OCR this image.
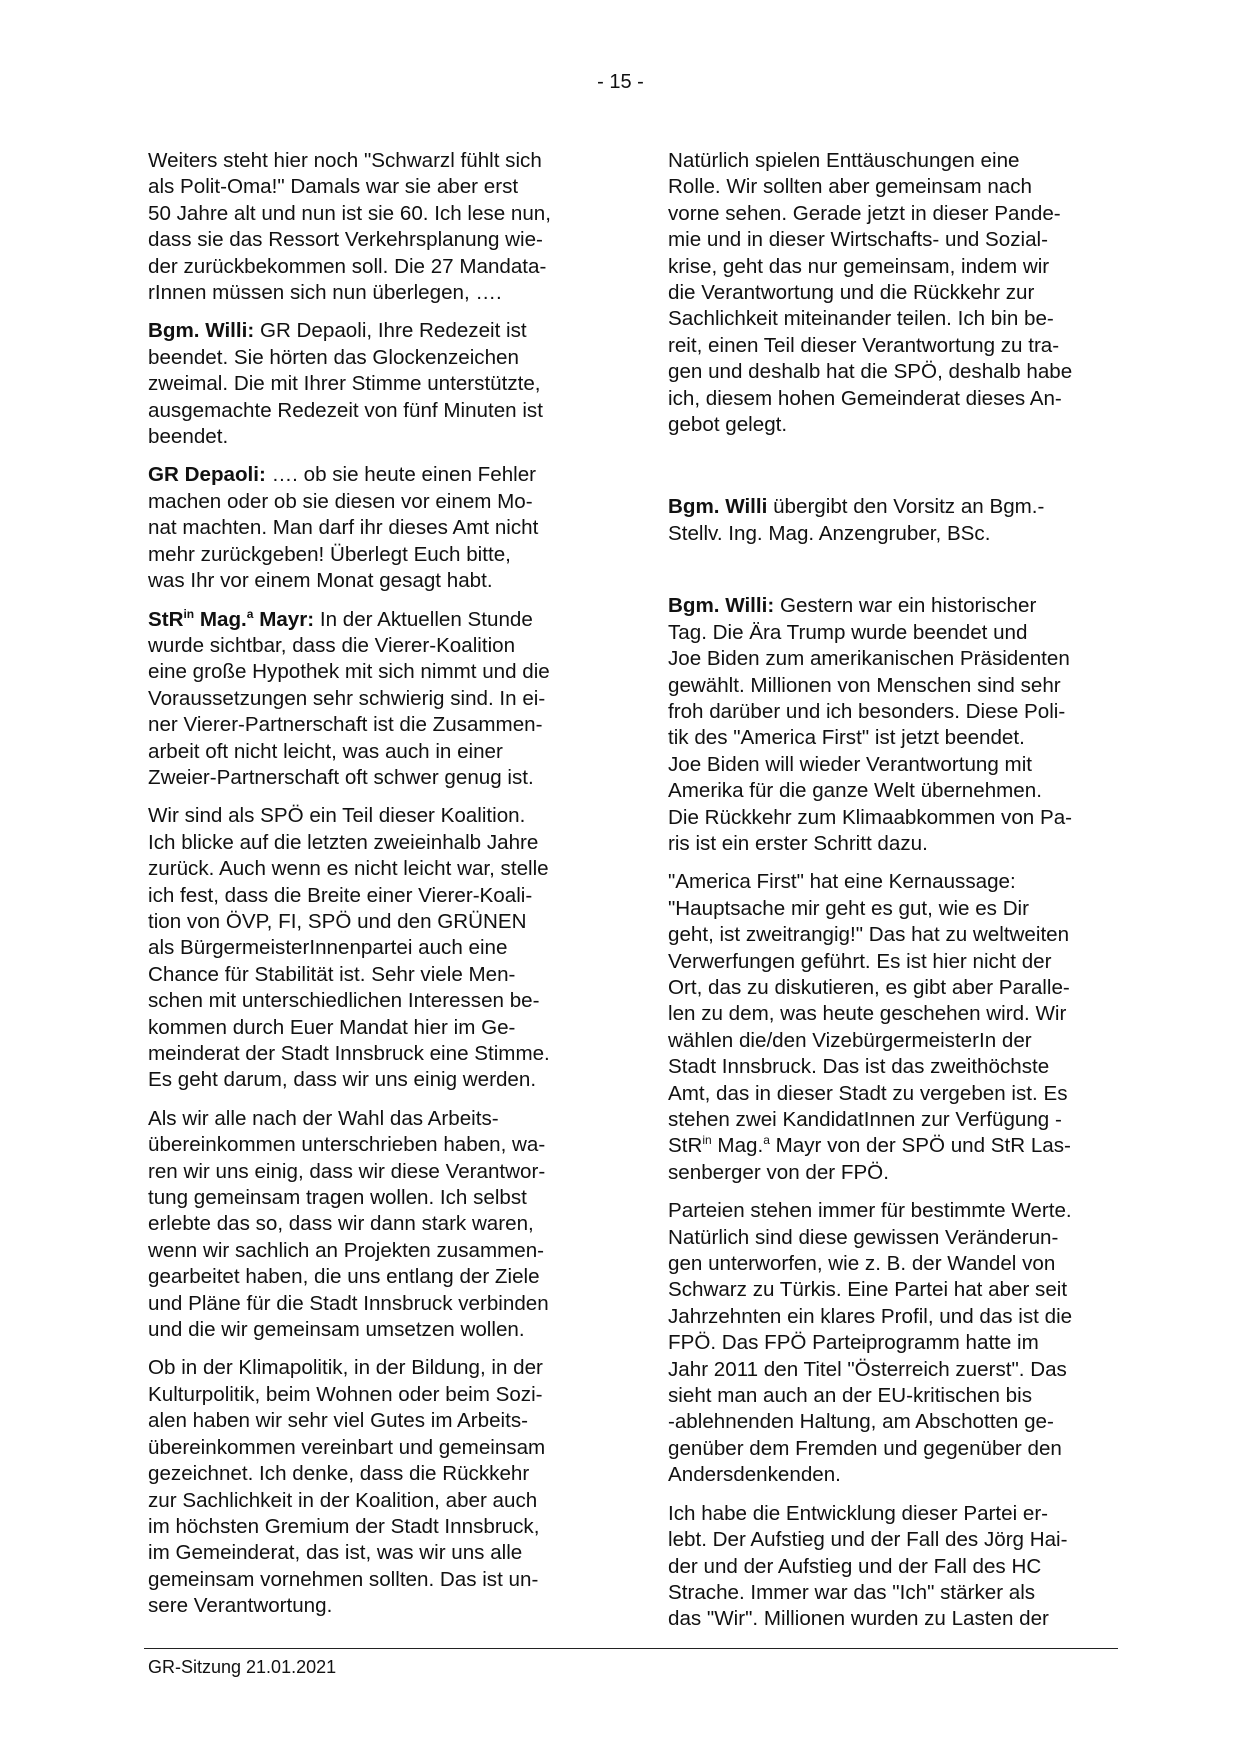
- 15 -

Weiters steht hier noch "Schwarzl fühlt sich
als Polit-Oma!" Damals war sie aber erst
50 Jahre alt und nun ist sie 60. Ich lese nun,
dass sie das Ressort Verkehrsplanung wie-
der zurückbekommen soll. Die 27 Mandata-
rInnen müssen sich nun überlegen, ….

Bgm. Willi: GR Depaoli, Ihre Redezeit ist
beendet. Sie hörten das Glockenzeichen
zweimal. Die mit Ihrer Stimme unterstützte,
ausgemachte Redezeit von fünf Minuten ist
beendet.

GR Depaoli: …. ob sie heute einen Fehler
machen oder ob sie diesen vor einem Mo-
nat machten. Man darf ihr dieses Amt nicht
mehr zurückgeben! Überlegt Euch bitte,
was Ihr vor einem Monat gesagt habt.

StR$^{in}$ Mag.$^a$ Mayr: In der Aktuellen Stunde
wurde sichtbar, dass die Vierer-Koalition
eine große Hypothek mit sich nimmt und die
Voraussetzungen sehr schwierig sind. In ei-
ner Vierer-Partnerschaft ist die Zusammen-
arbeit oft nicht leicht, was auch in einer
Zweier-Partnerschaft oft schwer genug ist.

Wir sind als SPÖ ein Teil dieser Koalition.
Ich blicke auf die letzten zweieinhalb Jahre
zurück. Auch wenn es nicht leicht war, stelle
ich fest, dass die Breite einer Vierer-Koali-
tion von ÖVP, FI, SPÖ und den GRÜNEN
als BürgermeisterInnenpartei auch eine
Chance für Stabilität ist. Sehr viele Men-
schen mit unterschiedlichen Interessen be-
kommen durch Euer Mandat hier im Ge-
meinderat der Stadt Innsbruck eine Stimme.
Es geht darum, dass wir uns einig werden.

Als wir alle nach der Wahl das Arbeits-
übereinkommen unterschrieben haben, wa-
ren wir uns einig, dass wir diese Verantwor-
tung gemeinsam tragen wollen. Ich selbst
erlebte das so, dass wir dann stark waren,
wenn wir sachlich an Projekten zusammen-
gearbeitet haben, die uns entlang der Ziele
und Pläne für die Stadt Innsbruck verbinden
und die wir gemeinsam umsetzen wollen.

Ob in der Klimapolitik, in der Bildung, in der
Kulturpolitik, beim Wohnen oder beim Sozi-
alen haben wir sehr viel Gutes im Arbeits-
übereinkommen vereinbart und gemeinsam
gezeichnet. Ich denke, dass die Rückkehr
zur Sachlichkeit in der Koalition, aber auch
im höchsten Gremium der Stadt Innsbruck,
im Gemeinderat, das ist, was wir uns alle
gemeinsam vornehmen sollten. Das ist un-
sere Verantwortung.

Natürlich spielen Enttäuschungen eine
Rolle. Wir sollten aber gemeinsam nach
vorne sehen. Gerade jetzt in dieser Pande-
mie und in dieser Wirtschafts- und Sozial-
krise, geht das nur gemeinsam, indem wir
die Verantwortung und die Rückkehr zur
Sachlichkeit miteinander teilen. Ich bin be-
reit, einen Teil dieser Verantwortung zu tra-
gen und deshalb hat die SPÖ, deshalb habe
ich, diesem hohen Gemeinderat dieses An-
gebot gelegt.

Bgm. Willi übergibt den Vorsitz an Bgm.-
Stellv. Ing. Mag. Anzengruber, BSc.

Bgm. Willi: Gestern war ein historischer
Tag. Die Ära Trump wurde beendet und
Joe Biden zum amerikanischen Präsidenten
gewählt. Millionen von Menschen sind sehr
froh darüber und ich besonders. Diese Poli-
tik des "America First" ist jetzt beendet.
Joe Biden will wieder Verantwortung mit
Amerika für die ganze Welt übernehmen.
Die Rückkehr zum Klimaabkommen von Pa-
ris ist ein erster Schritt dazu.

"America First" hat eine Kernaussage:
"Hauptsache mir geht es gut, wie es Dir
geht, ist zweitrangig!" Das hat zu weltweiten
Verwerfungen geführt. Es ist hier nicht der
Ort, das zu diskutieren, es gibt aber Paralle-
len zu dem, was heute geschehen wird. Wir
wählen die/den VizebürgermeisterIn der
Stadt Innsbruck. Das ist das zweithöchste
Amt, das in dieser Stadt zu vergeben ist. Es
stehen zwei KandidatInnen zur Verfügung -
StR$^{in}$ Mag.$^a$ Mayr von der SPÖ und StR Las-
senberger von der FPÖ.

Parteien stehen immer für bestimmte Werte.
Natürlich sind diese gewissen Veränderun-
gen unterworfen, wie z. B. der Wandel von
Schwarz zu Türkis. Eine Partei hat aber seit
Jahrzehnten ein klares Profil, und das ist die
FPÖ. Das FPÖ Parteiprogramm hatte im
Jahr 2011 den Titel "Österreich zuerst". Das
sieht man auch an der EU-kritischen bis
-ablehnenden Haltung, am Abschotten ge-
genüber dem Fremden und gegenüber den
Andersdenkenden.

Ich habe die Entwicklung dieser Partei er-
lebt. Der Aufstieg und der Fall des Jörg Hai-
der und der Aufstieg und der Fall des HC
Strache. Immer war das "Ich" stärker als
das "Wir". Millionen wurden zu Lasten der

GR-Sitzung 21.01.2021
